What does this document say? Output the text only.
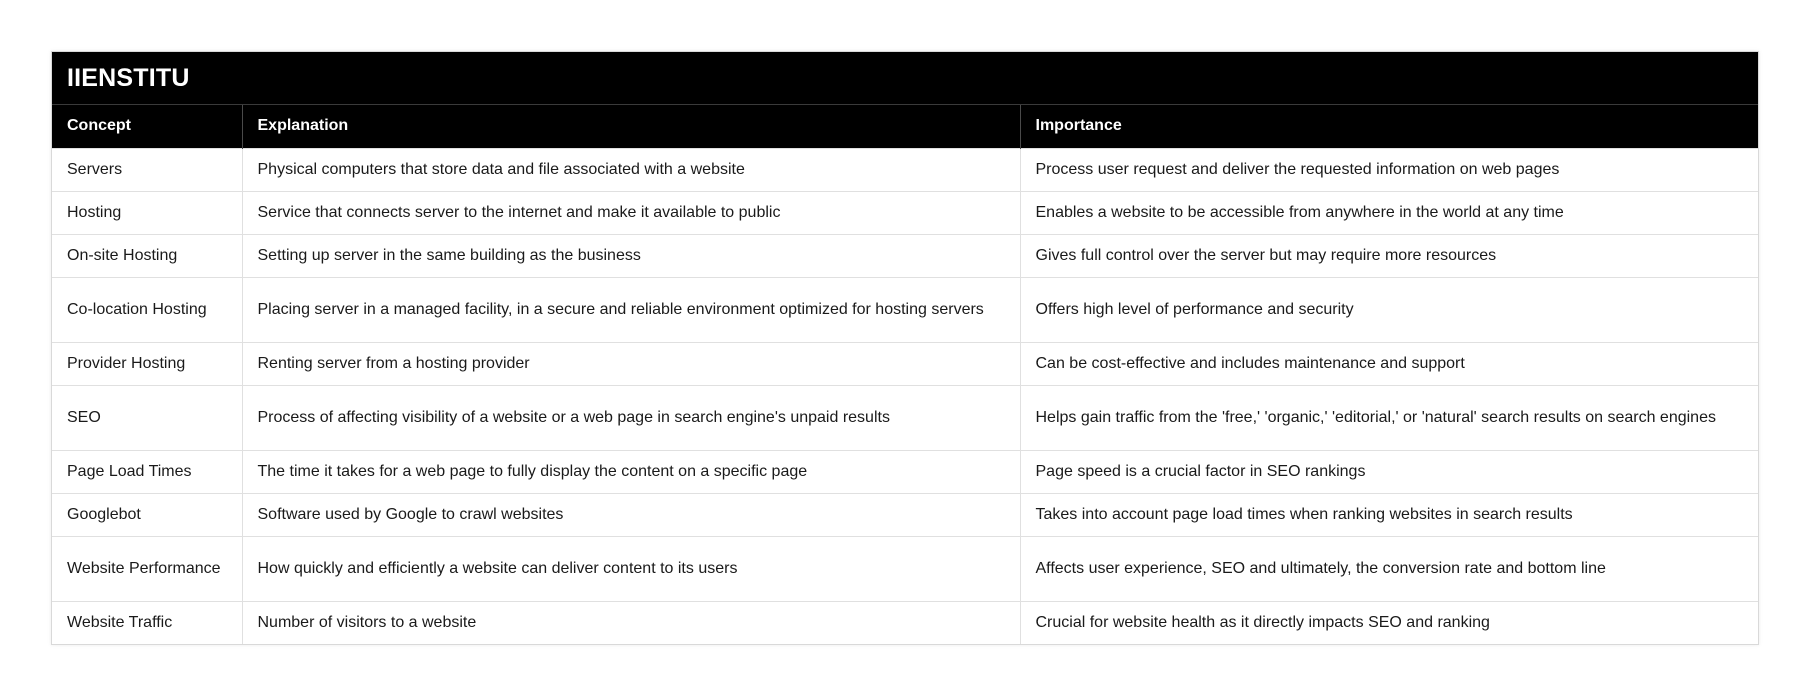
IIENSTITU
Concept	Explanation	Importance
Servers	Physical computers that store data and file associated with a website	Process user request and deliver the requested information on web pages
Hosting	Service that connects server to the internet and make it available to public	Enables a website to be accessible from anywhere in the world at any time
On-site Hosting	Setting up server in the same building as the business	Gives full control over the server but may require more resources
Co-location Hosting	Placing server in a managed facility, in a secure and reliable environment optimized for hosting servers	Offers high level of performance and security
Provider Hosting	Renting server from a hosting provider	Can be cost-effective and includes maintenance and support
SEO	Process of affecting visibility of a website or a web page in search engine's unpaid results	Helps gain traffic from the 'free,' 'organic,' 'editorial,' or 'natural' search results on search engines
Page Load Times	The time it takes for a web page to fully display the content on a specific page	Page speed is a crucial factor in SEO rankings
Googlebot	Software used by Google to crawl websites	Takes into account page load times when ranking websites in search results
Website Performance	How quickly and efficiently a website can deliver content to its users	Affects user experience, SEO and ultimately, the conversion rate and bottom line
Website Traffic	Number of visitors to a website	Crucial for website health as it directly impacts SEO and ranking
